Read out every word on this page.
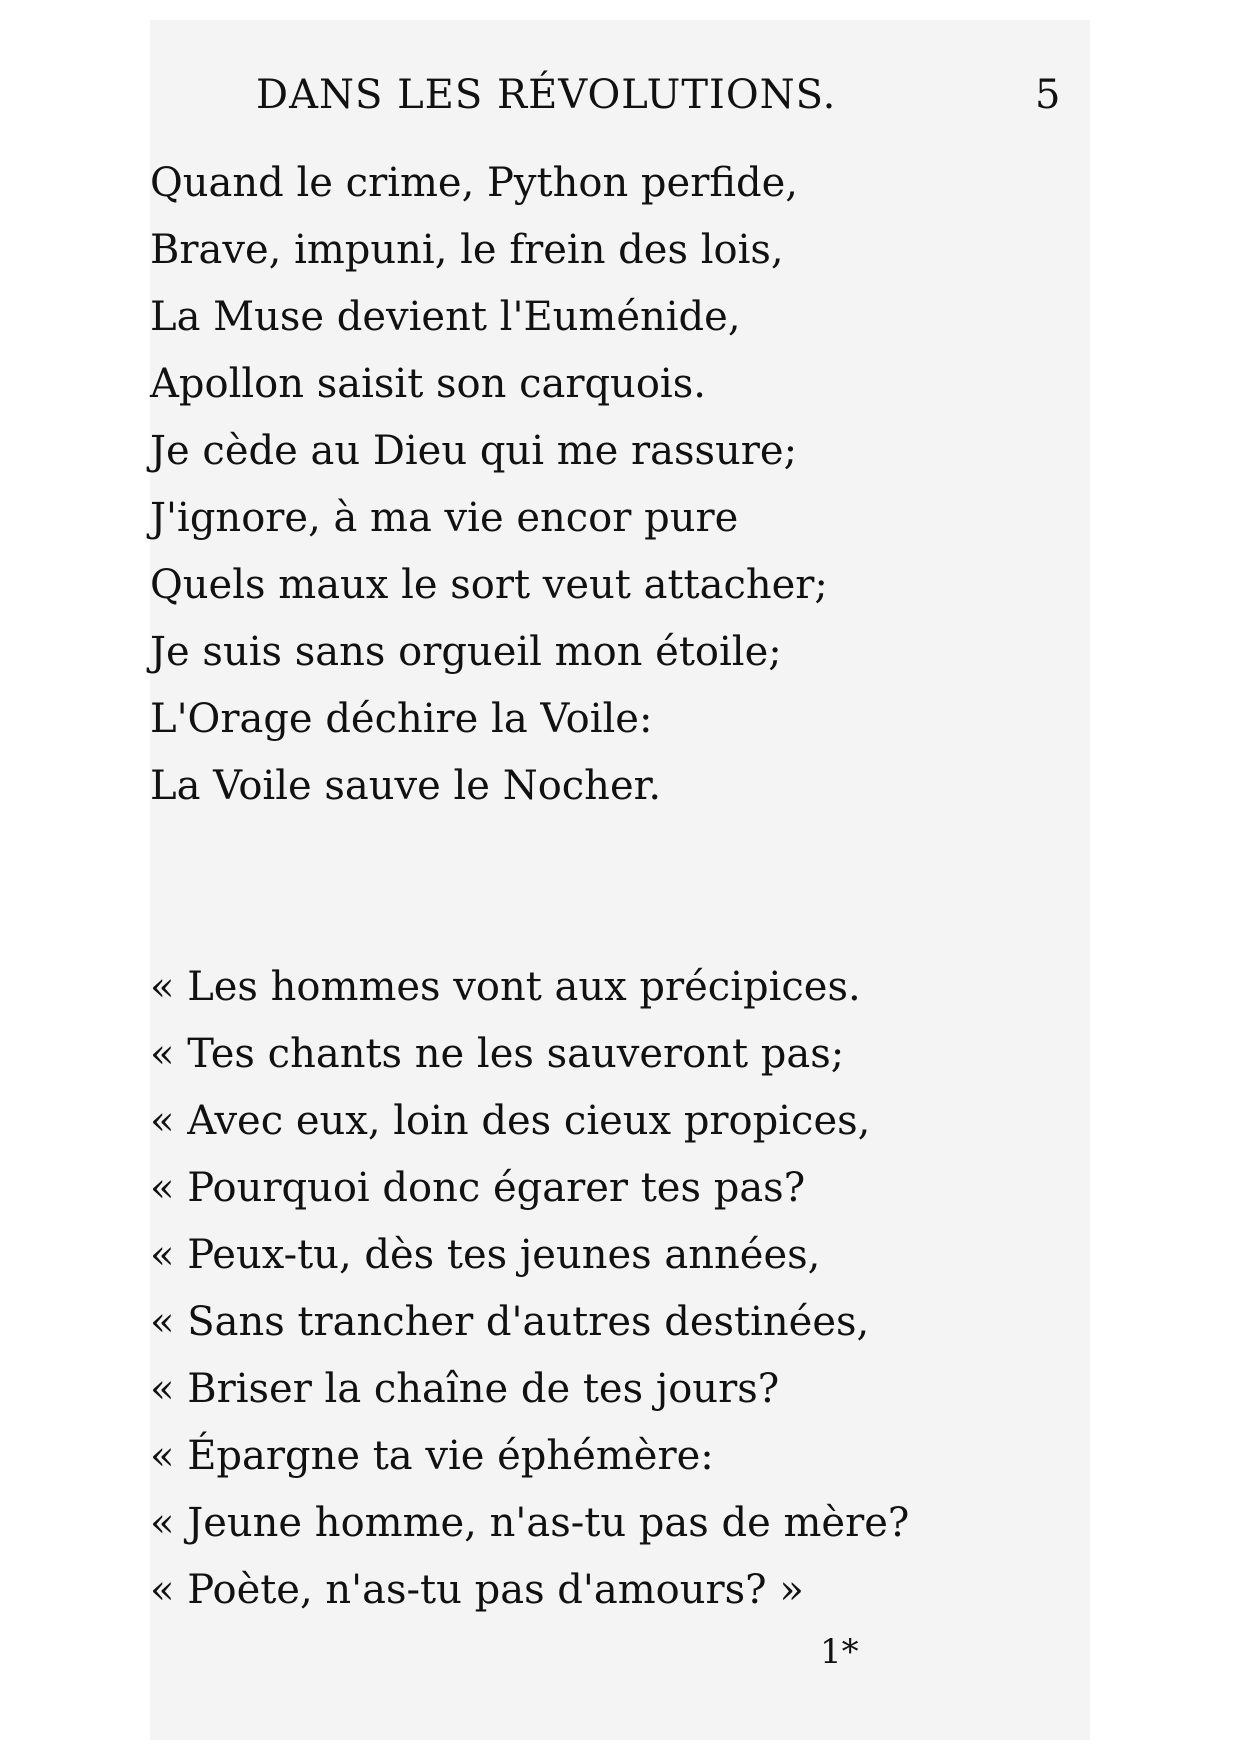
DANS LES RÉVOLUTIONS.	5
Quand le crime, Python perfide,
Brave, impuni, le frein des lois,
La Muse devient l'Euménide,
Apollon saisit son carquois.
Je cède au Dieu qui me rassure;
J'ignore, à ma vie encor pure
Quels maux le sort veut attacher;
Je suis sans orgueil mon étoile;
L'Orage déchire la Voile:
La Voile sauve le Nocher.
« Les hommes vont aux précipices.
« Tes chants ne les sauveront pas;
« Avec eux, loin des cieux propices,
« Pourquoi donc égarer tes pas?
« Peux-tu, dès tes jeunes années,
« Sans trancher d'autres destinées,
« Briser la chaîne de tes jours?
« Épargne ta vie éphémère:
« Jeune homme, n'as-tu pas de mère?
« Poète, n'as-tu pas d'amours? »
1*
